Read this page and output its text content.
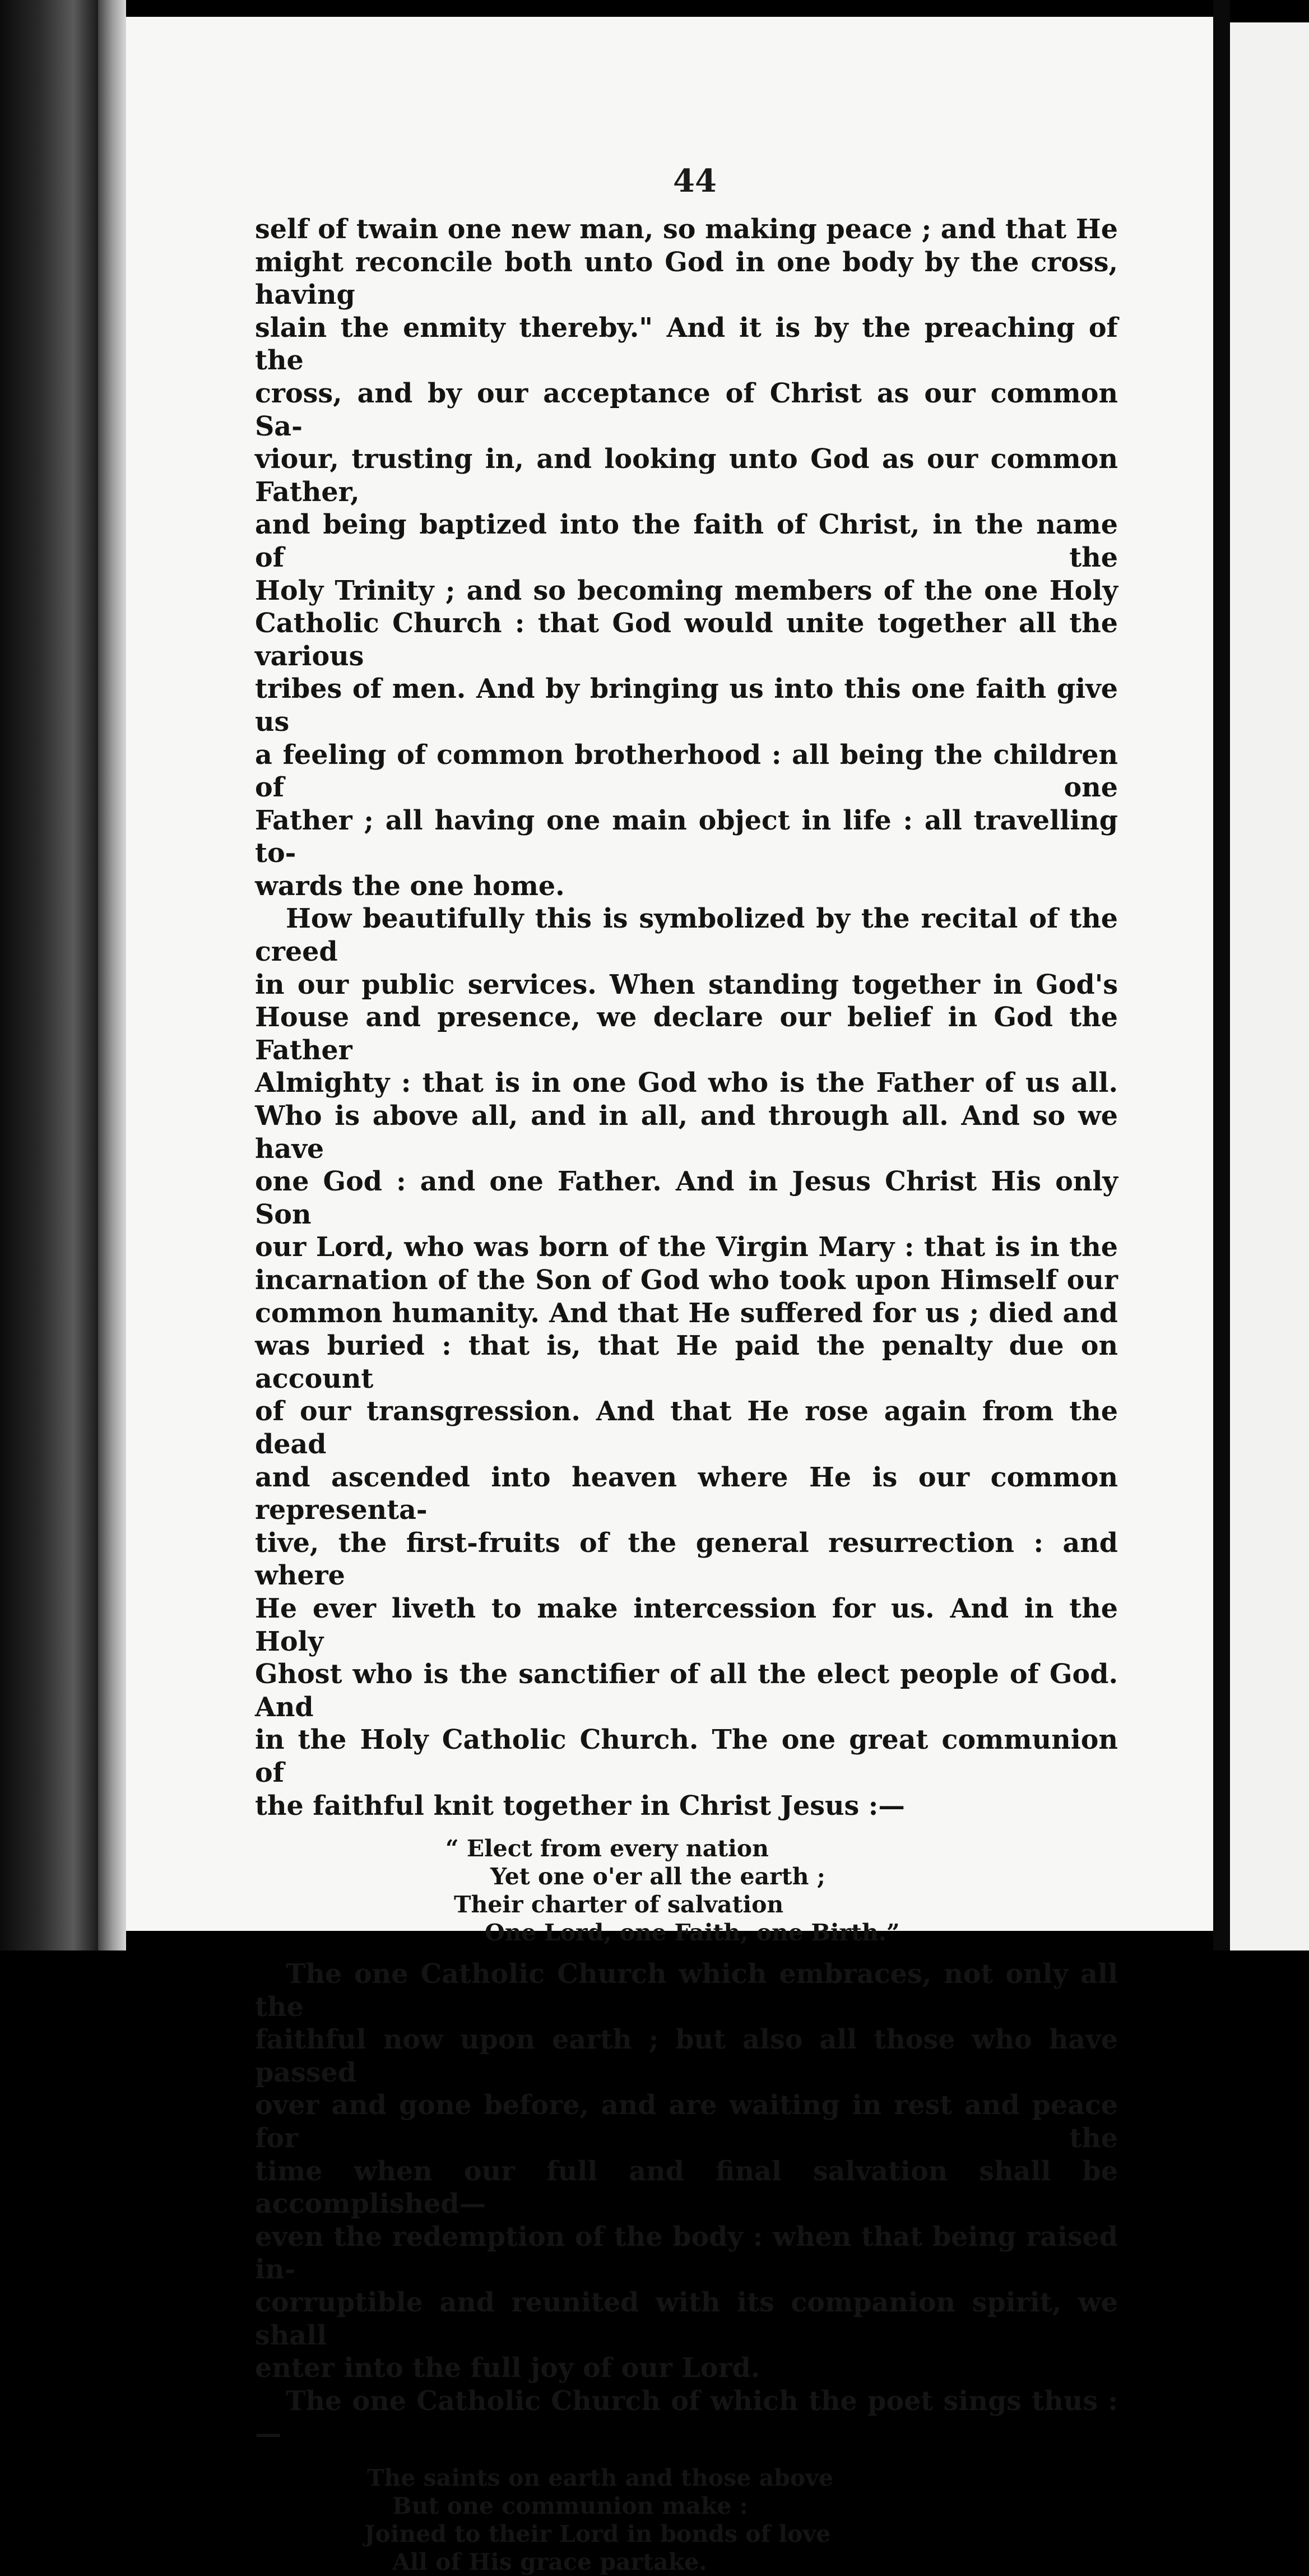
44

self of twain one new man, so making peace ; and that He

might reconcile both unto God in one body by the cross, having

slain the enmity thereby." And it is by the preaching of the

cross, and by our acceptance of Christ as our common Sa-

viour, trusting in, and looking unto God as our common Father,

and being baptized into the faith of Christ, in the name of the

Holy Trinity ; and so becoming members of the one Holy

Catholic Church : that God would unite together all the various

tribes of men. And by bringing us into this one faith give us

a feeling of common brotherhood : all being the children of one

Father ; all having one main object in life : all travelling to-

wards the one home.

How beautifully this is symbolized by the recital of the creed

in our public services. When standing together in God's

House and presence, we declare our belief in God the Father

Almighty : that is in one God who is the Father of us all.

Who is above all, and in all, and through all. And so we have

one God : and one Father. And in Jesus Christ His only Son

our Lord, who was born of the Virgin Mary : that is in the

incarnation of the Son of God who took upon Himself our

common humanity. And that He suffered for us ; died and

was buried : that is, that He paid the penalty due on account

of our transgression. And that He rose again from the dead

and ascended into heaven where He is our common representa-

tive, the first-fruits of the general resurrection : and where

He ever liveth to make intercession for us. And in the Holy

Ghost who is the sanctifier of all the elect people of God. And

in the Holy Catholic Church. The one great communion of

the faithful knit together in Christ Jesus :—

“ Elect from every nation
Yet one o'er all the earth ;
Their charter of salvation
One Lord, one Faith, one Birth.”

The one Catholic Church which embraces, not only all the

faithful now upon earth ; but also all those who have passed

over and gone before, and are waiting in rest and peace for the

time when our full and final salvation shall be accomplished—

even the redemption of the body : when that being raised in-

corruptible and reunited with its companion spirit, we shall

enter into the full joy of our Lord.

The one Catholic Church of which the poet sings thus :—

The saints on earth and those above
But one communion make :
Joined to their Lord in bonds of love
All of His grace partake.
